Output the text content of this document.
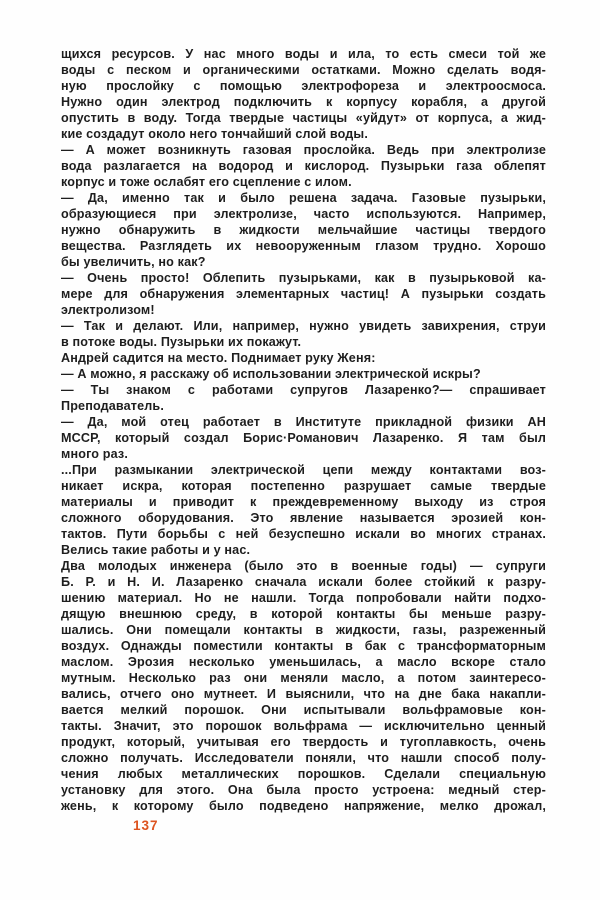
щихся ресурсов. У нас много воды и ила, то есть смеси той же
воды с песком и органическими остатками. Можно сделать водя-
ную прослойку с помощью электрофореза и электроосмоса.
Нужно один электрод подключить к корпусу корабля, а другой
опустить в воду. Тогда твердые частицы «уйдут» от корпуса, а жид-
кие создадут около него тончайший слой воды.
— А может возникнуть газовая прослойка. Ведь при электролизе
вода разлагается на водород и кислород. Пузырьки газа облепят
корпус и тоже ослабят его сцепление с илом.
— Да, именно так и было решена задача. Газовые пузырьки,
образующиеся при электролизе, часто используются. Например,
нужно обнаружить в жидкости мельчайшие частицы твердого
вещества. Разглядеть их невооруженным глазом трудно. Хорошо
бы увеличить, но как?
— Очень просто! Облепить пузырьками, как в пузырьковой ка-
мере для обнаружения элементарных частиц! А пузырьки создать
электролизом!
— Так и делают. Или, например, нужно увидеть завихрения, струи
в потоке воды. Пузырьки их покажут.
Андрей садится на место. Поднимает руку Женя:
— А можно, я расскажу об использовании электрической искры?
— Ты знаком с работами супругов Лазаренко?— спрашивает
Преподаватель.
— Да, мой отец работает в Институте прикладной физики АН
МССР, который создал Борис·Романович Лазаренко. Я там был
много раз.
...При размыкании электрической цепи между контактами воз-
никает искра, которая постепенно разрушает самые твердые
материалы и приводит к преждевременному выходу из строя
сложного оборудования. Это явление называется эрозией кон-
тактов. Пути борьбы с ней безуспешно искали во многих странах.
Велись такие работы и у нас.
Два молодых инженера (было это в военные годы) — супруги
Б. Р. и Н. И. Лазаренко сначала искали более стойкий к разру-
шению материал. Но не нашли. Тогда попробовали найти подхо-
дящую внешнюю среду, в которой контакты бы меньше разру-
шались. Они помещали контакты в жидкости, газы, разреженный
воздух. Однажды поместили контакты в бак с трансформаторным
маслом. Эрозия несколько уменьшилась, а масло вскоре стало
мутным. Несколько раз они меняли масло, а потом заинтересо-
вались, отчего оно мутнеет. И выяснили, что на дне бака накапли-
вается мелкий порошок. Они испытывали вольфрамовые кон-
такты. Значит, это порошок вольфрама — исключительно ценный
продукт, который, учитывая его твердость и тугоплавкость, очень
сложно получать. Исследователи поняли, что нашли способ полу-
чения любых металлических порошков. Сделали специальную
установку для этого. Она была просто устроена: медный стер-
жень, к которому было подведено напряжение, мелко дрожал,
137
